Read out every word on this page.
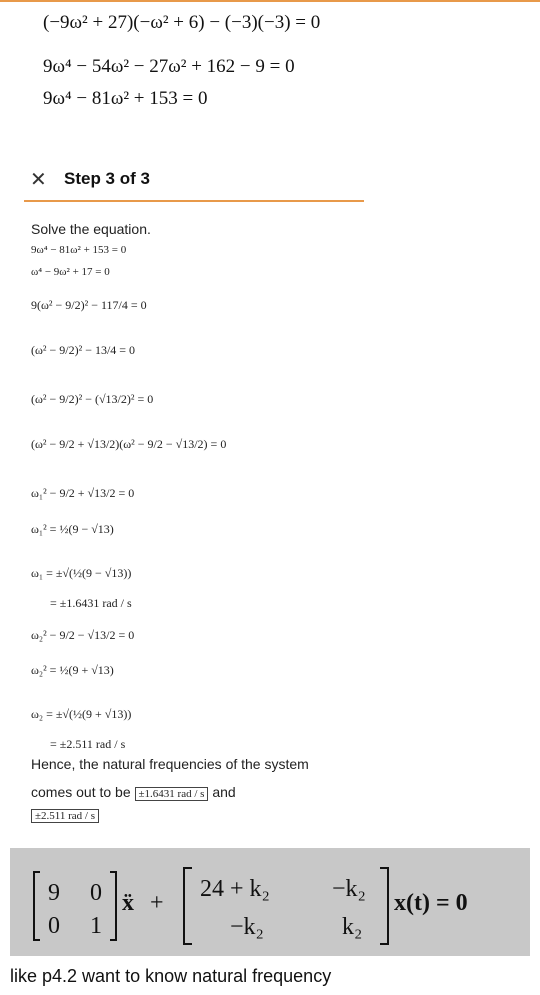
(−9ω² + 27)(−ω² + 6) − (−3)(−3) = 0
9ω⁴ − 54ω² − 27ω² + 162 − 9 = 0
9ω⁴ − 81ω² + 153 = 0
✕	Step 3 of 3
Solve the equation.
9ω⁴ − 81ω² + 153 = 0
ω⁴ − 9ω² + 17 = 0
9(ω² − 9/2)² − 117/4 = 0
(ω² − 9/2)² − 13/4 = 0
(ω² − 9/2)² − (√13/2)² = 0
(ω² − 9/2 + √13/2)(ω² − 9/2 − √13/2) = 0
ω₁² − 9/2 + √13/2 = 0
ω₁² = ½(9 − √13)
ω₁ = ±√(½(9 − √13))
= ±1.6431 rad / s
ω₂² − 9/2 − √13/2 = 0
ω₂² = ½(9 + √13)
ω₂ = ±√(½(9 + √13))
= ±2.511 rad / s
Hence, the natural frequencies of the system
comes out to be ±1.6431 rad / s and
±2.511 rad / s
9 0
0 1
ẍ +
24 + k₂	−k₂
−k₂	k₂
x(t) = 0
like p4.2 want to know natural frequency
